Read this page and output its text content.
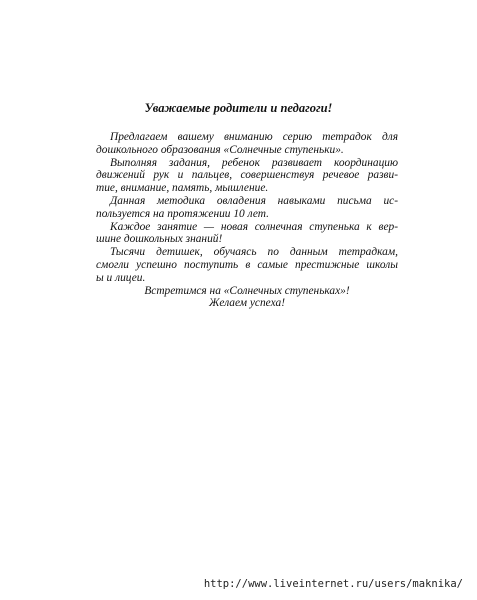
Уважаемые родители и педагоги!
Предлагаем вашему вниманию серию тетрадок для
дошкольного образования «Солнечные ступеньки».
Выполняя задания, ребенок развивает координацию
движений рук и пальцев, совершенствуя речевое разви-
тие, внимание, память, мышление.
Данная методика овладения навыками письма ис-
пользуется на протяжении 10 лет.
Каждое занятие — новая солнечная ступенька к вер-
шине дошкольных знаний!
Тысячи детишек, обучаясь по данным тетрадкам,
смогли успешно поступить в самые престижные школы
ы и лицеи.
Встретимся на «Солнечных ступеньках»!
Желаем успеха!
http://www.liveinternet.ru/users/maknika/
